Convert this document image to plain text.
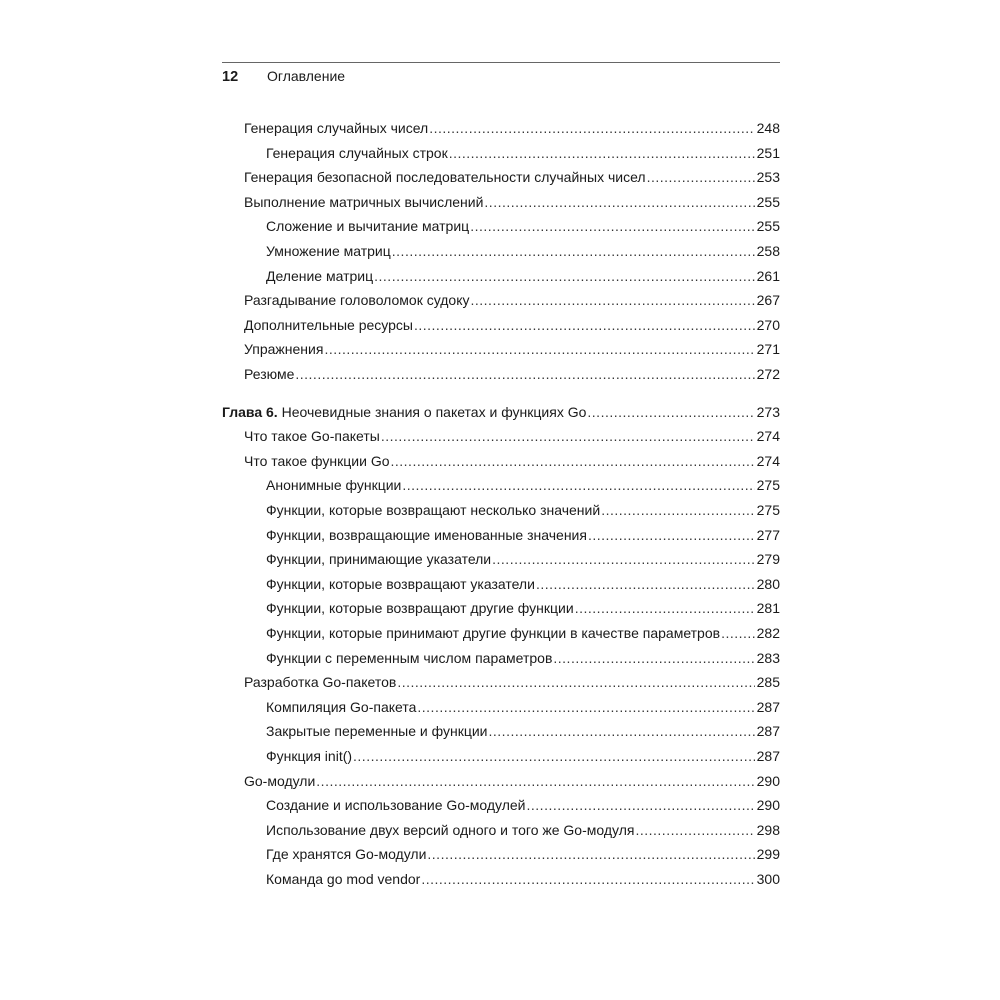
12	Оглавление
Генерация случайных чисел .....	248
Генерация случайных строк .....	251
Генерация безопасной последовательности случайных чисел .....	253
Выполнение матричных вычислений .....	255
Сложение и вычитание матриц .....	255
Умножение матриц .....	258
Деление матриц .....	261
Разгадывание головоломок судоку .....	267
Дополнительные ресурсы .....	270
Упражнения .....	271
Резюме .....	272
Глава 6. Неочевидные знания о пакетах и функциях Go .....	273
Что такое Go-пакеты .....	274
Что такое функции Go .....	274
Анонимные функции .....	275
Функции, которые возвращают несколько значений .....	275
Функции, возвращающие именованные значения .....	277
Функции, принимающие указатели .....	279
Функции, которые возвращают указатели .....	280
Функции, которые возвращают другие функции .....	281
Функции, которые принимают другие функции в качестве параметров .....	282
Функции с переменным числом параметров .....	283
Разработка Go-пакетов .....	285
Компиляция Go-пакета .....	287
Закрытые переменные и функции .....	287
Функция init() .....	287
Go-модули .....	290
Создание и использование Go-модулей .....	290
Использование двух версий одного и того же Go-модуля .....	298
Где хранятся Go-модули .....	299
Команда go mod vendor .....	300
